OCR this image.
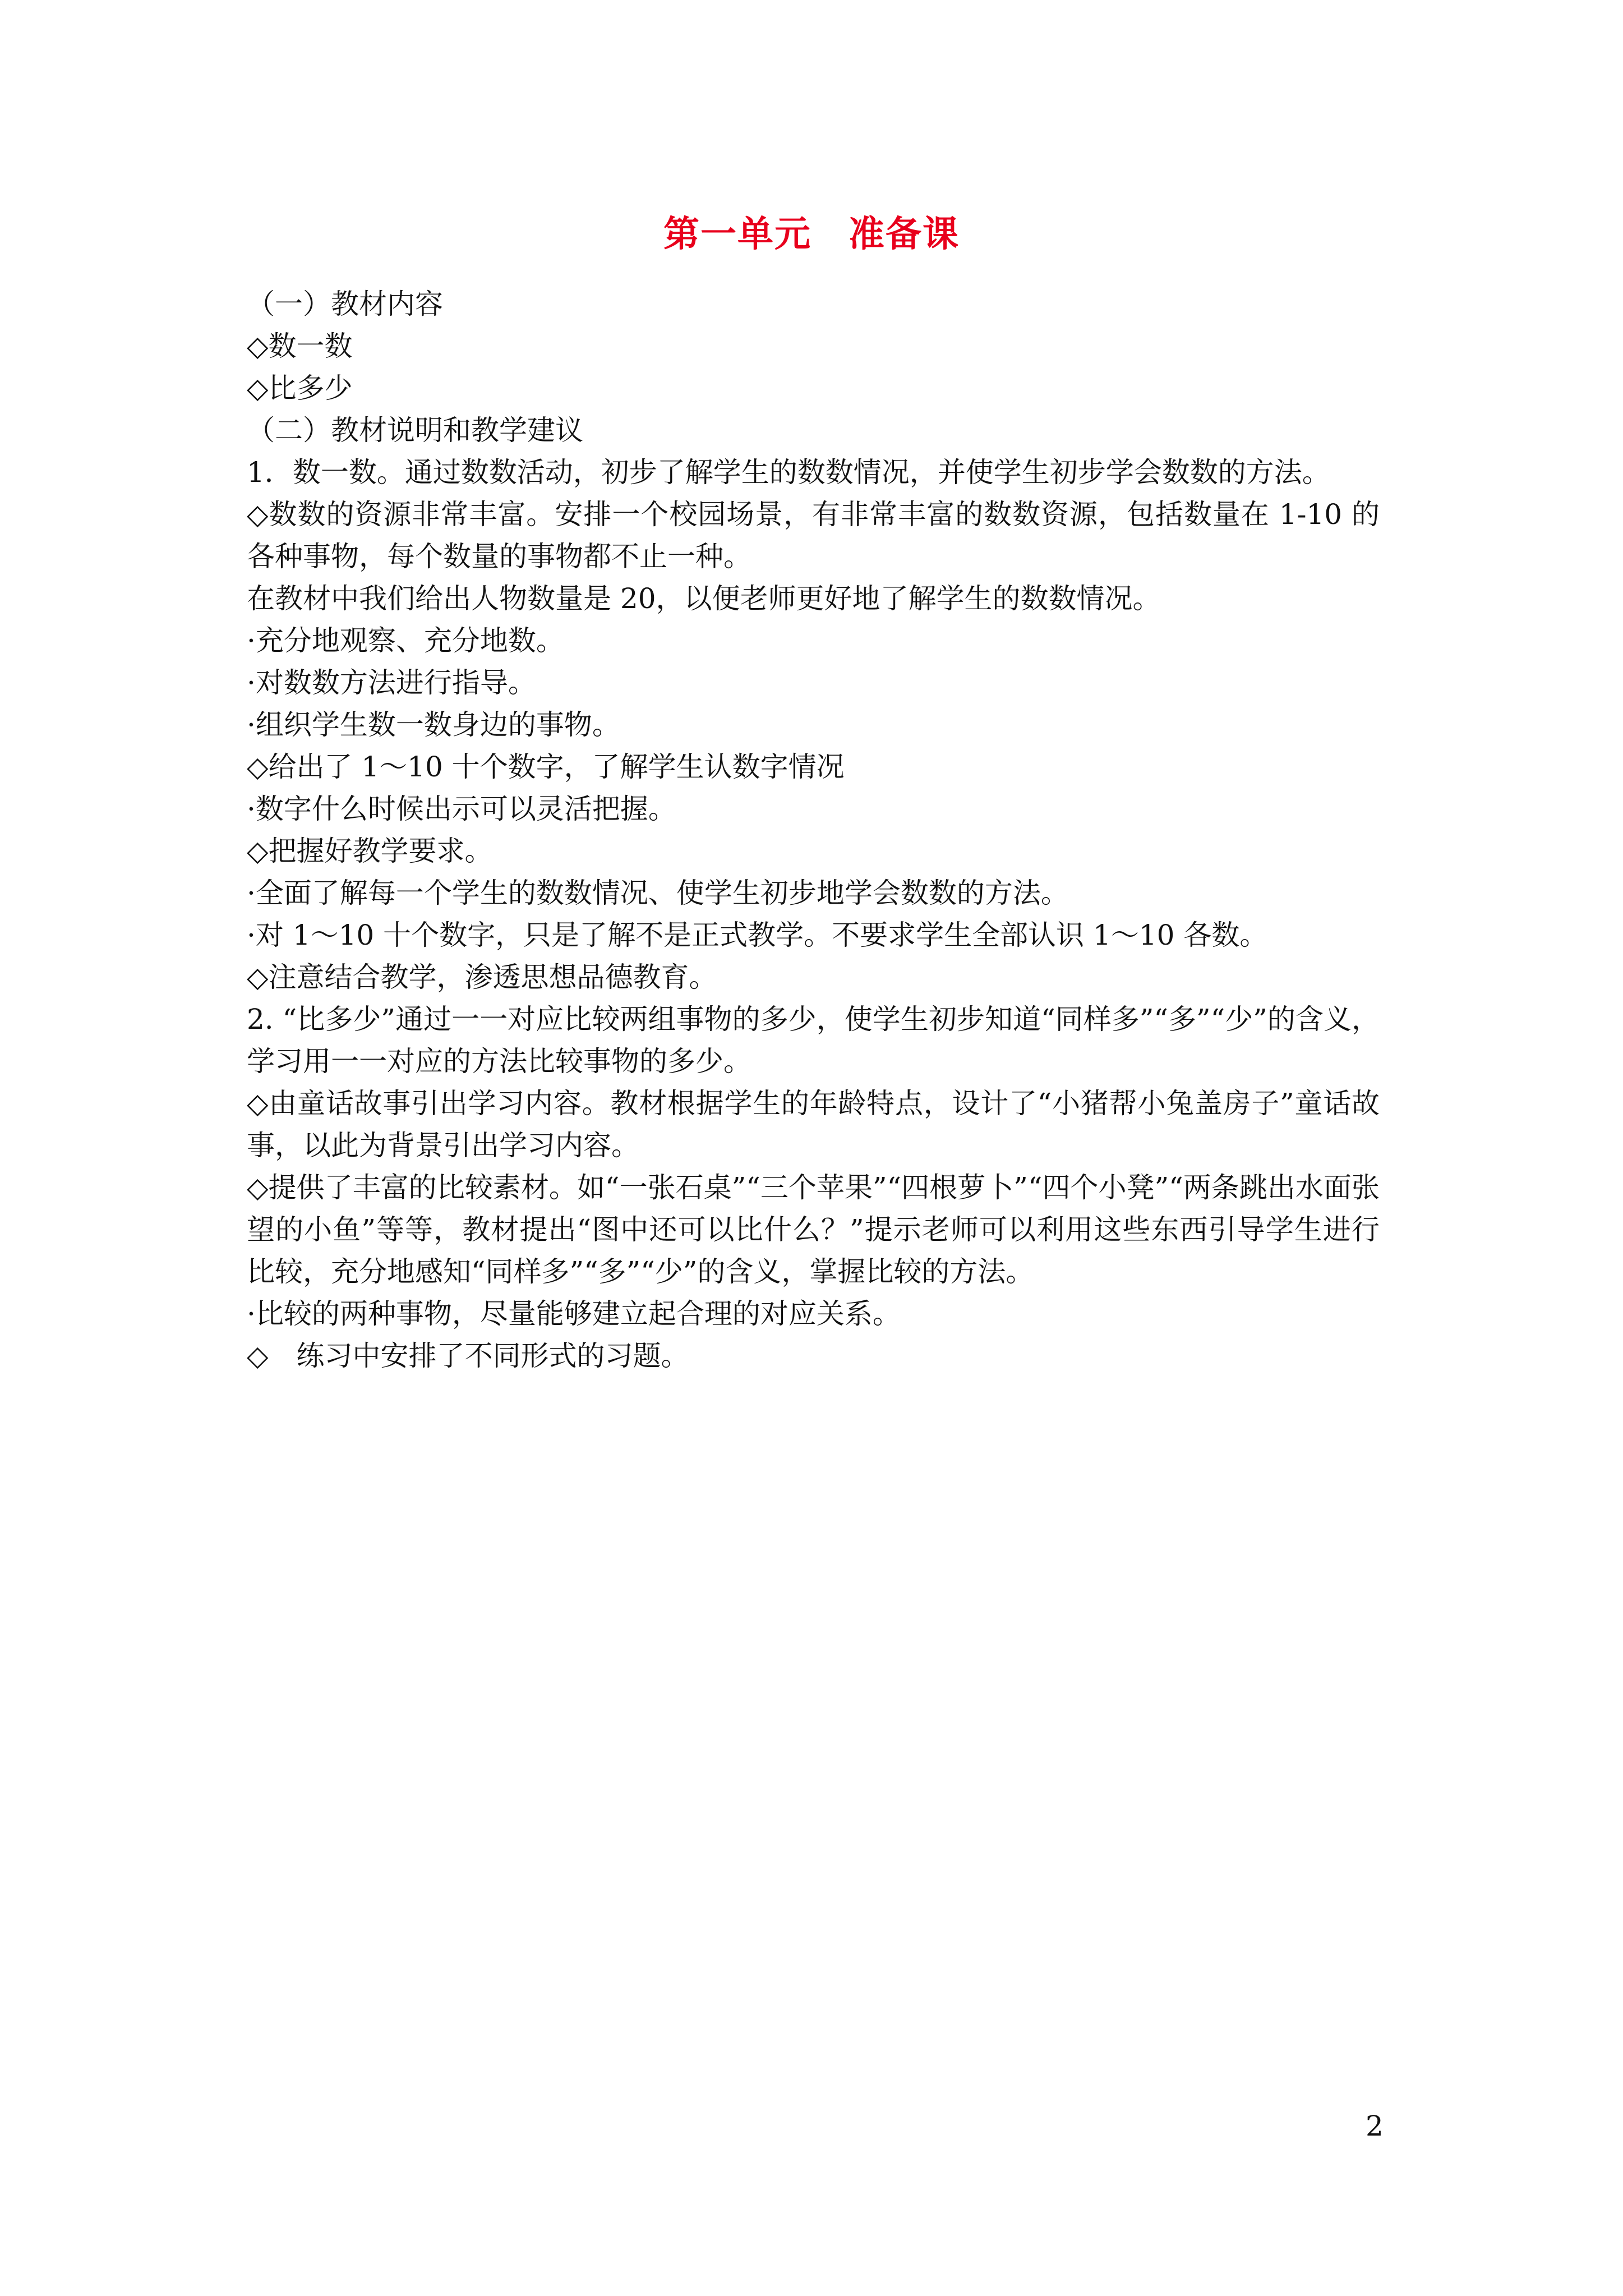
第一单元　准备课
（一）教材内容
◇数一数
◇比多少
（二）教材说明和教学建议
1．数一数。通过数数活动，初步了解学生的数数情况，并使学生初步学会数数的方法。
◇数数的资源非常丰富。安排一个校园场景，有非常丰富的数数资源，包括数量在 1-10 的各种事物，每个数量的事物都不止一种。
在教材中我们给出人物数量是 20，以便老师更好地了解学生的数数情况。
·充分地观察、充分地数。
·对数数方法进行指导。
·组织学生数一数身边的事物。
◇给出了 1～10 十个数字，了解学生认数字情况
·数字什么时候出示可以灵活把握。
◇把握好教学要求。
·全面了解每一个学生的数数情况、使学生初步地学会数数的方法。
·对 1～10 十个数字，只是了解不是正式教学。不要求学生全部认识 1～10 各数。
◇注意结合教学，渗透思想品德教育。
2. “比多少”通过一一对应比较两组事物的多少，使学生初步知道“同样多”“多”“少”的含义，学习用一一对应的方法比较事物的多少。
◇由童话故事引出学习内容。教材根据学生的年龄特点，设计了“小猪帮小兔盖房子”童话故事，以此为背景引出学习内容。
◇提供了丰富的比较素材。如“一张石桌”“三个苹果”“四根萝卜”“四个小凳”“两条跳出水面张望的小鱼”等等，教材提出“图中还可以比什么？”提示老师可以利用这些东西引导学生进行比较，充分地感知“同样多”“多”“少”的含义，掌握比较的方法。
·比较的两种事物，尽量能够建立起合理的对应关系。
◇　练习中安排了不同形式的习题。
2
